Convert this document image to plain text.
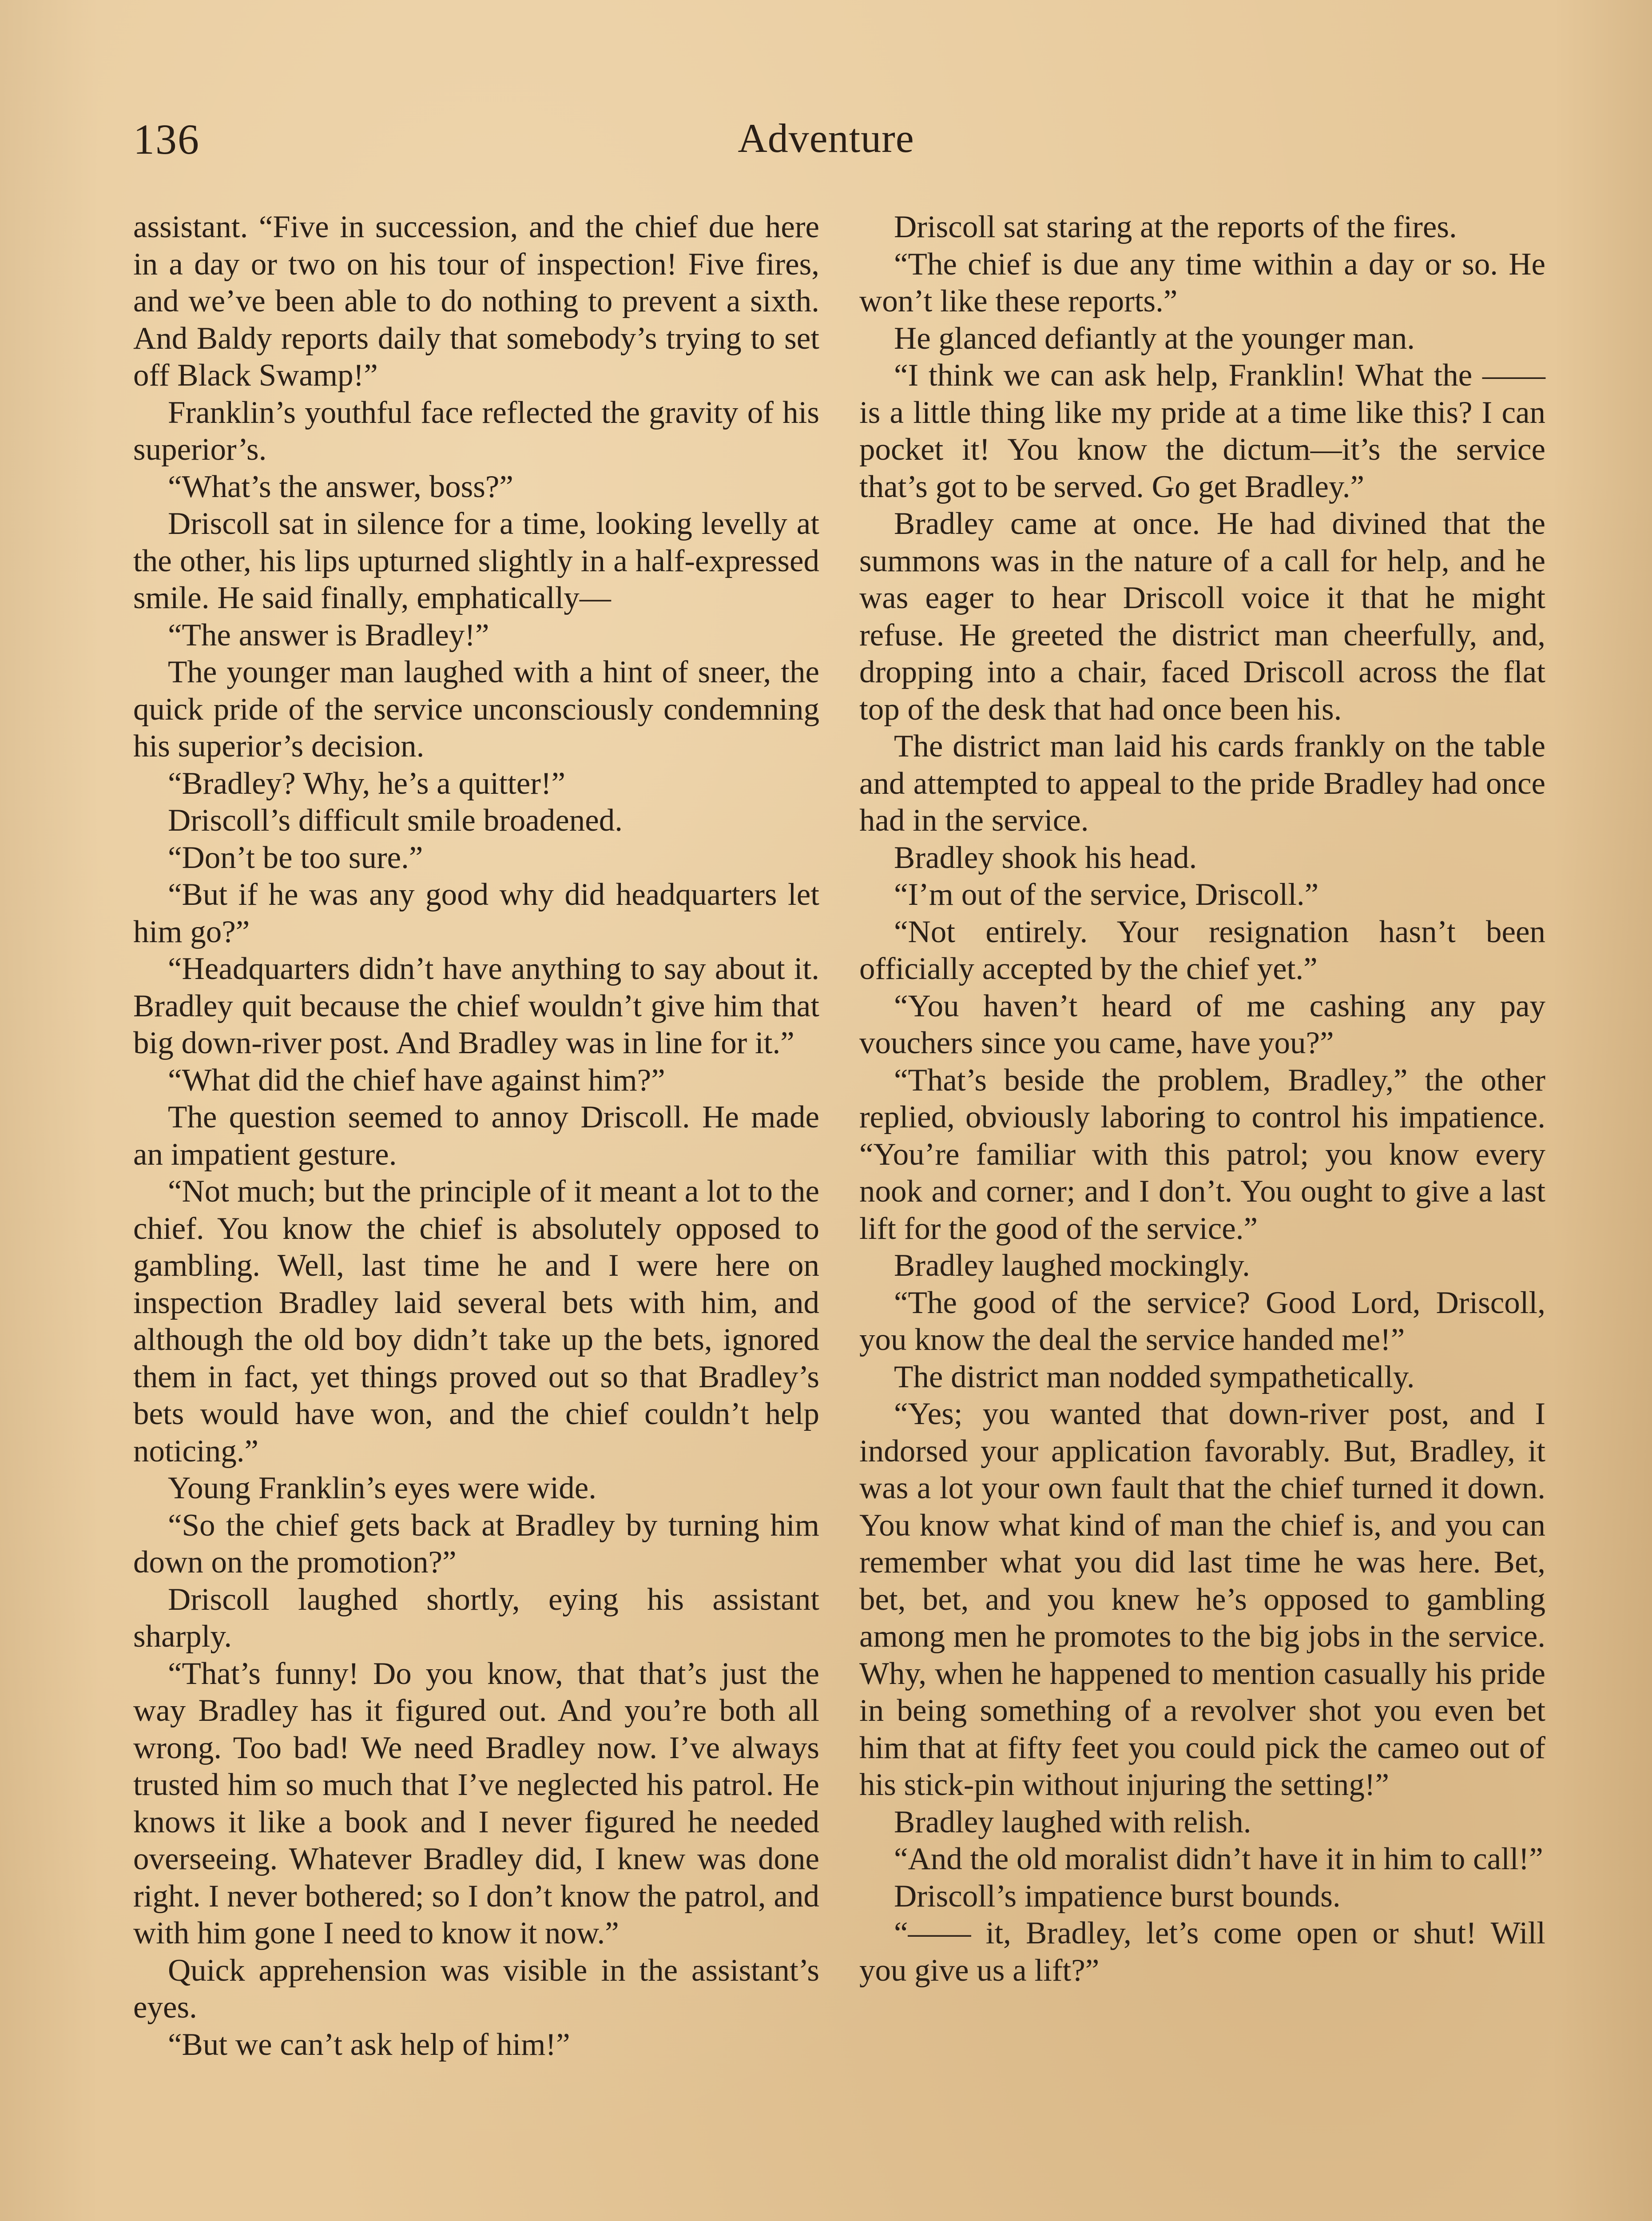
136	Adventure

assistant. “Five in succession, and the chief due here in a day or two on his tour of inspection! Five fires, and we’ve been able to do nothing to prevent a sixth. And Baldy reports daily that somebody’s trying to set off Black Swamp!”

Franklin’s youthful face reflected the gravity of his superior’s.

“What’s the answer, boss?”

Driscoll sat in silence for a time, looking levelly at the other, his lips upturned slightly in a half-expressed smile. He said finally, emphatically—

“The answer is Bradley!”

The younger man laughed with a hint of sneer, the quick pride of the service unconsciously condemning his superior’s decision.

“Bradley? Why, he’s a quitter!”

Driscoll’s difficult smile broadened.

“Don’t be too sure.”

“But if he was any good why did headquarters let him go?”

“Headquarters didn’t have anything to say about it. Bradley quit because the chief wouldn’t give him that big down-river post. And Bradley was in line for it.”

“What did the chief have against him?”

The question seemed to annoy Driscoll. He made an impatient gesture.

“Not much; but the principle of it meant a lot to the chief. You know the chief is absolutely opposed to gambling. Well, last time he and I were here on inspection Bradley laid several bets with him, and although the old boy didn’t take up the bets, ignored them in fact, yet things proved out so that Bradley’s bets would have won, and the chief couldn’t help noticing.”

Young Franklin’s eyes were wide.

“So the chief gets back at Bradley by turning him down on the promotion?”

Driscoll laughed shortly, eying his assistant sharply.

“That’s funny! Do you know, that that’s just the way Bradley has it figured out. And you’re both all wrong. Too bad! We need Bradley now. I’ve always trusted him so much that I’ve neglected his patrol. He knows it like a book and I never figured he needed overseeing. Whatever Bradley did, I knew was done right. I never bothered; so I don’t know the patrol, and with him gone I need to know it now.”

Quick apprehension was visible in the assistant’s eyes.

“But we can’t ask help of him!”

Driscoll sat staring at the reports of the fires.

“The chief is due any time within a day or so. He won’t like these reports.”

He glanced defiantly at the younger man.

“I think we can ask help, Franklin! What the —— is a little thing like my pride at a time like this? I can pocket it! You know the dictum—it’s the service that’s got to be served. Go get Bradley.”

Bradley came at once. He had divined that the summons was in the nature of a call for help, and he was eager to hear Driscoll voice it that he might refuse. He greeted the district man cheerfully, and, dropping into a chair, faced Driscoll across the flat top of the desk that had once been his.

The district man laid his cards frankly on the table and attempted to appeal to the pride Bradley had once had in the service.

Bradley shook his head.

“I’m out of the service, Driscoll.”

“Not entirely. Your resignation hasn’t been officially accepted by the chief yet.”

“You haven’t heard of me cashing any pay vouchers since you came, have you?”

“That’s beside the problem, Bradley,” the other replied, obviously laboring to control his impatience. “You’re familiar with this patrol; you know every nook and corner; and I don’t. You ought to give a last lift for the good of the service.”

Bradley laughed mockingly.

“The good of the service? Good Lord, Driscoll, you know the deal the service handed me!”

The district man nodded sympathetically.

“Yes; you wanted that down-river post, and I indorsed your application favorably. But, Bradley, it was a lot your own fault that the chief turned it down. You know what kind of man the chief is, and you can remember what you did last time he was here. Bet, bet, bet, and you knew he’s opposed to gambling among men he promotes to the big jobs in the service. Why, when he happened to mention casually his pride in being something of a revolver shot you even bet him that at fifty feet you could pick the cameo out of his stick-pin without injuring the setting!”

Bradley laughed with relish.

“And the old moralist didn’t have it in him to call!”

Driscoll’s impatience burst bounds.

“—— it, Bradley, let’s come open or shut! Will you give us a lift?”
